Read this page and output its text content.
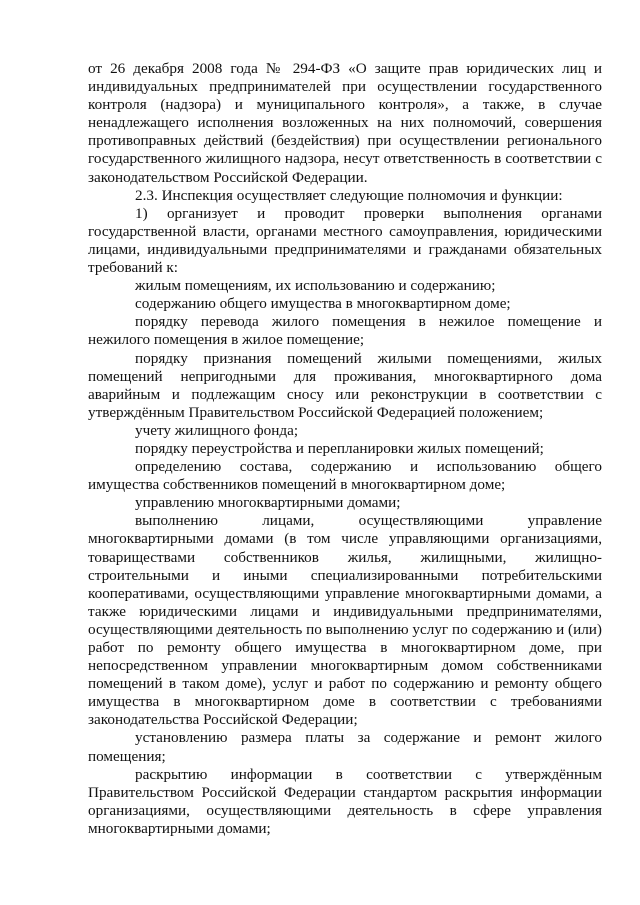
от 26 декабря 2008 года № 294-ФЗ «О защите прав юридических лиц и индивидуальных предпринимателей при осуществлении государственного контроля (надзора) и муниципального контроля», а также, в случае ненадлежащего исполнения возложенных на них полномочий, совершения противоправных действий (бездействия) при осуществлении регионального государственного жилищного надзора, несут ответственность в соответствии с законодательством Российской Федерации.

2.3. Инспекция осуществляет следующие полномочия и функции:

1) организует и проводит проверки выполнения органами государственной власти, органами местного самоуправления, юридическими лицами, индивидуальными предпринимателями и гражданами обязательных требований к:

жилым помещениям, их использованию и содержанию;

содержанию общего имущества в многоквартирном доме;

порядку перевода жилого помещения в нежилое помещение и нежилого помещения в жилое помещение;

порядку признания помещений жилыми помещениями, жилых помещений непригодными для проживания, многоквартирного дома аварийным и подлежащим сносу или реконструкции в соответствии с утверждённым Правительством Российской Федерацией положением;

учету жилищного фонда;

порядку переустройства и перепланировки жилых помещений;

определению состава, содержанию и использованию общего имущества собственников помещений в многоквартирном доме;

управлению многоквартирными домами;

выполнению лицами, осуществляющими управление многоквартирными домами (в том числе управляющими организациями, товариществами собственников жилья, жилищными, жилищно-строительными и иными специализированными потребительскими кооперативами, осуществляющими управление многоквартирными домами, а также юридическими лицами и индивидуальными предпринимателями, осуществляющими деятельность по выполнению услуг по содержанию и (или) работ по ремонту общего имущества в многоквартирном доме, при непосредственном управлении многоквартирным домом собственниками помещений в таком доме), услуг и работ по содержанию и ремонту общего имущества в многоквартирном доме в соответствии с требованиями законодательства Российской Федерации;

установлению размера платы за содержание и ремонт жилого помещения;

раскрытию информации в соответствии с утверждённым Правительством Российской Федерации стандартом раскрытия информации организациями, осуществляющими деятельность в сфере управления многоквартирными домами;
